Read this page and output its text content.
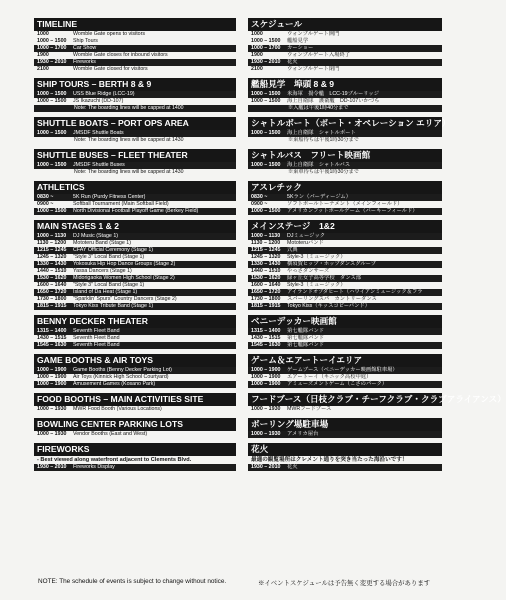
TIMELINE
1000	Womble Gate opens to visitors
1000 – 1500	Ship Tours
1000 – 1700	Car Show
1900	Womble Gate closes for inbound visitors
1930 – 2010	Fireworks
2100	Womble Gate closed for visitors
SHIP TOURS – BERTH 8 & 9
1000 – 1500	USS Blue Ridge (LCC-19)
1000 – 1500	JS Ikazuchi (DD-107)
Note: The boarding lines will be capped at 1400
SHUTTLE BOATS – PORT OPS AREA
1000 – 1500	JMSDF Shuttle Boats
Note: The boarding lines will be capped at 1430
SHUTTLE BUSES – FLEET THEATER
1000 – 1500	JMSDF Shuttle Buses
Note: The boarding lines will be capped at 1430
ATHLETICS
0830 ~	5K Run (Purdy Fitness Center)
0900 ~	Softball Tournament (Main Softball Field)
1000 – 1500	North Divisional Football Playoff Game (Berkey Field)
MAIN STAGES 1 & 2
1000 – 1130	DJ Music (Stage 1)
1130 – 1200	Mototeru Band (Stage 1)
1215 – 1245	CFAY Official Ceremony (Stage 1)
1245 – 1320	"Style 3" Local Band (Stage 1)
1330 – 1430	Yokosuka Hip Hop Dance Groups (Stage 2)
1440 – 1510	Yassa Dancers (Stage 1)
1530 – 1620	Midorigaoka Women High School (Stage 2)
1600 – 1640	"Style 3" Local Band (Stage 1)
1650 – 1720	Island of Da Heat (Stage 1)
1730 – 1800	"Sparklin' Spurs" Country Dancers (Stage 2)
1815 – 1915	Tokyo Kiss Tribute Band (Stage 1)
BENNY DECKER THEATER
1315 – 1400	Seventh Fleet Band
1430 – 1515	Seventh Fleet Band
1545 – 1630	Seventh Fleet Band
GAME BOOTHS & AIR TOYS
1000 – 1900	Game Booths (Benny Decker Parking Lot)
1000 – 1900	Air Toys (Kinnick High School Courtyard)
1000 – 1900	Amusement Games (Kosano Park)
FOOD BOOTHS – MAIN ACTIVITIES SITE
1000 – 1930	MWR Food Booth (Various Locations)
BOWLING CENTER PARKING LOTS
1000 – 1930	Vendor Booths (East and West)
FIREWORKS
- Best viewed along waterfront adjacent to Clements Blvd.
1930 – 2010	Fireworks Display
スケジュール
1000	ウォンブルゲート開門
1000 – 1500	艦船見学
1000 – 1700	カーショー
1900	ウォンブルゲート入場終了
1930 – 2010	花火
2100	ウォンブルゲート閉門
艦船見学　埠頭 8 & 9
1000 – 1500	米海軍　揚令艦　LCC-19ブルーリッジ
1000 – 1500	海上自衛隊　護衛艦　DD-107いかづち
※入艦は午後1時40分まで
シャトルボート（ポート・オペレーション エリア）
1000 – 1500	海上自衛隊　シャトルボート
※乗船待ちは午後1時30分まで
シャトルバス　フリート映画館
1000 – 1500	海上自衛隊　シャトルバス
※乗車待ちは午後1時30分まで
アスレチック
0830 ~	5Kラン（パーディージム）
0900 ~	ソフトボールトーナメント（メインフィールド）
1000 – 1500	アメリカンフットボールゲーム（バーキーフィールド）
メインステージ　1&2
1000 – 1130	DJミュージック
1130 – 1200	Mototeruバンド
1215 – 1245	式典
1245 – 1320	Style-3（ミュージック）
1330 – 1430	横須賀ヒップ・ホップダンスグループ
1440 – 1510	やっさダンサーズ
1530 – 1620	緑ヶ丘女子高等学校　ダンス部
1600 – 1640	Style-3（ミュージック）
1650 – 1720	アイランドオブダヒート（ハワイアンミュージック＆フラ
1730 – 1800	スパーリングスパ　カントリーダンス
1815 – 1915	Tokyo Kiss（キッスコピーバンド）
ベニーデッカー映画館
1315 – 1400	第七艦隊バンド
1430 – 1515	第七艦隊バンド
1545 – 1630	第七艦隊バンド
ゲーム＆エアートーイエリア
1000 – 1900	ゲームブース（ベニーデッカー映画館駐車場）
1000 – 1900	エアートーイ（キニック高校中庭）
1000 – 1900	アミューズメントゲーム（こさのパーク）
フードブース（日枝クラブ・チーフクラブ・クラブアライアンス）
1000 – 1930	MWRフードブース
ボーリング場駐車場
1000 – 1930	アメリカ屋台
花火
最適の観覧場所はクレメント通りを突き当たった海沿いです！
1930 – 2010	花火
NOTE: The schedule of events is subject to change without notice.	※イベントスケジュールは予告無く変更する場合があります
